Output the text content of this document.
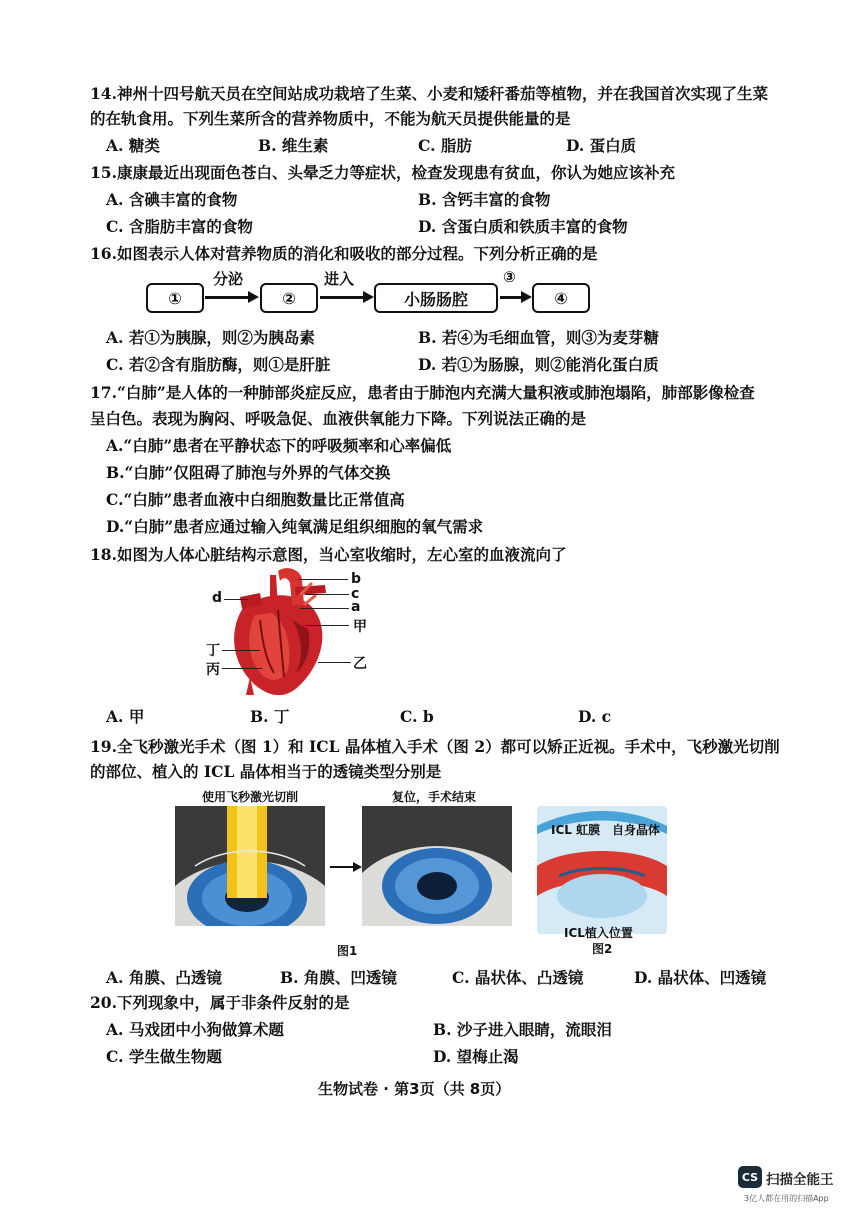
14.神州十四号航天员在空间站成功栽培了生菜、小麦和矮秆番茄等植物，并在我国首次实现了生菜
的在轨食用。下列生菜所含的营养物质中，不能为航天员提供能量的是
A. 糖类	B. 维生素	C. 脂肪	D. 蛋白质
15.康康最近出现面色苍白、头晕乏力等症状，检查发现患有贫血，你认为她应该补充
A. 含碘丰富的食物	B. 含钙丰富的食物
C. 含脂肪丰富的食物	D. 含蛋白质和铁质丰富的食物
16.如图表示人体对营养物质的消化和吸收的部分过程。下列分析正确的是
①
分泌
②
进入
小肠肠腔
③
④
A. 若①为胰腺，则②为胰岛素	B. 若④为毛细血管，则③为麦芽糖
C. 若②含有脂肪酶，则①是肝脏	D. 若①为肠腺，则②能消化蛋白质
17.“白肺”是人体的一种肺部炎症反应，患者由于肺泡内充满大量积液或肺泡塌陷，肺部影像检查
呈白色。表现为胸闷、呼吸急促、血液供氧能力下降。下列说法正确的是
A.“白肺”患者在平静状态下的呼吸频率和心率偏低
B.“白肺”仅阻碍了肺泡与外界的气体交换
C.“白肺”患者血液中白细胞数量比正常值高
D.“白肺”患者应通过输入纯氧满足组织细胞的氧气需求
18.如图为人体心脏结构示意图，当心室收缩时，左心室的血液流向了
b
c
a
甲
d
丁
丙	乙
A. 甲	B. 丁	C. b	D. c
19.全飞秒激光手术（图 1）和 ICL 晶体植入手术（图 2）都可以矫正近视。手术中，飞秒激光切削
的部位、植入的 ICL 晶体相当于的透镜类型分别是
使用飞秒激光切削	复位，手术结束
图1
ICL 虹膜 自身晶体
ICL植入位置
图2
A. 角膜、凸透镜	B. 角膜、凹透镜	C. 晶状体、凸透镜	D. 晶状体、凹透镜
20.下列现象中，属于非条件反射的是
A. 马戏团中小狗做算术题	B. 沙子进入眼睛，流眼泪
C. 学生做生物题	D. 望梅止渴
生物试卷 · 第3页（共 8页）
CS 扫描全能王
3亿人都在用的扫描App
